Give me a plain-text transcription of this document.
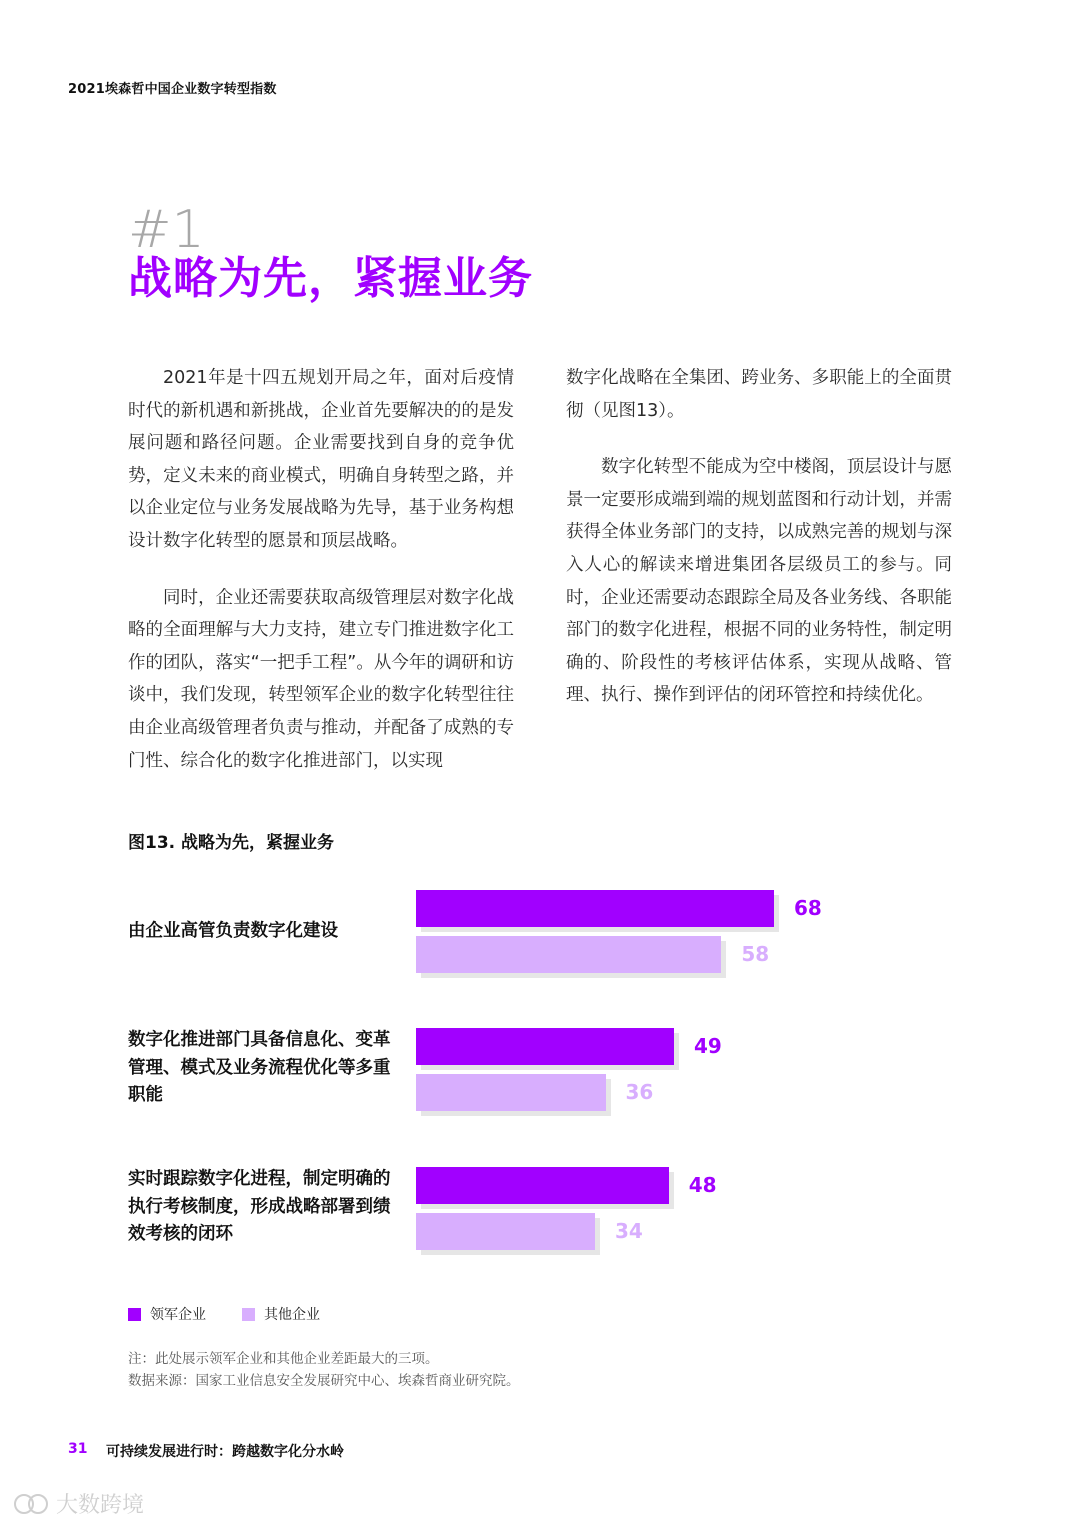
2021埃森哲中国企业数字转型指数
#1
战略为先，紧握业务

2021年是十四五规划开局之年，面对后疫情时代的新机遇和新挑战，企业首先要解决的的是发展问题和路径问题。企业需要找到自身的竞争优势，定义未来的商业模式，明确自身转型之路，并以企业定位与业务发展战略为先导，基于业务构想设计数字化转型的愿景和顶层战略。

同时，企业还需要获取高级管理层对数字化战略的全面理解与大力支持，建立专门推进数字化工作的团队，落实“一把手工程”。从今年的调研和访谈中，我们发现，转型领军企业的数字化转型往往由企业高级管理者负责与推动，并配备了成熟的专门性、综合化的数字化推进部门，以实现

数字化战略在全集团、跨业务、多职能上的全面贯彻（见图13）。

数字化转型不能成为空中楼阁，顶层设计与愿景一定要形成端到端的规划蓝图和行动计划，并需获得全体业务部门的支持，以成熟完善的规划与深入人心的解读来增进集团各层级员工的参与。同时，企业还需要动态跟踪全局及各业务线、各职能部门的数字化进程，根据不同的业务特性，制定明确的、阶段性的考核评估体系，实现从战略、管理、执行、操作到评估的闭环管控和持续优化。

图13. 战略为先，紧握业务
由企业高管负责数字化建设
68
58
数字化推进部门具备信息化、变革管理、模式及业务流程优化等多重职能
49
36
实时跟踪数字化进程，制定明确的执行考核制度，形成战略部署到绩效考核的闭环
48
34
领军企业	其他企业
注：此处展示领军企业和其他企业差距最大的三项。
数据来源：国家工业信息安全发展研究中心、埃森哲商业研究院。
31 可持续发展进行时：跨越数字化分水岭
大数跨境
